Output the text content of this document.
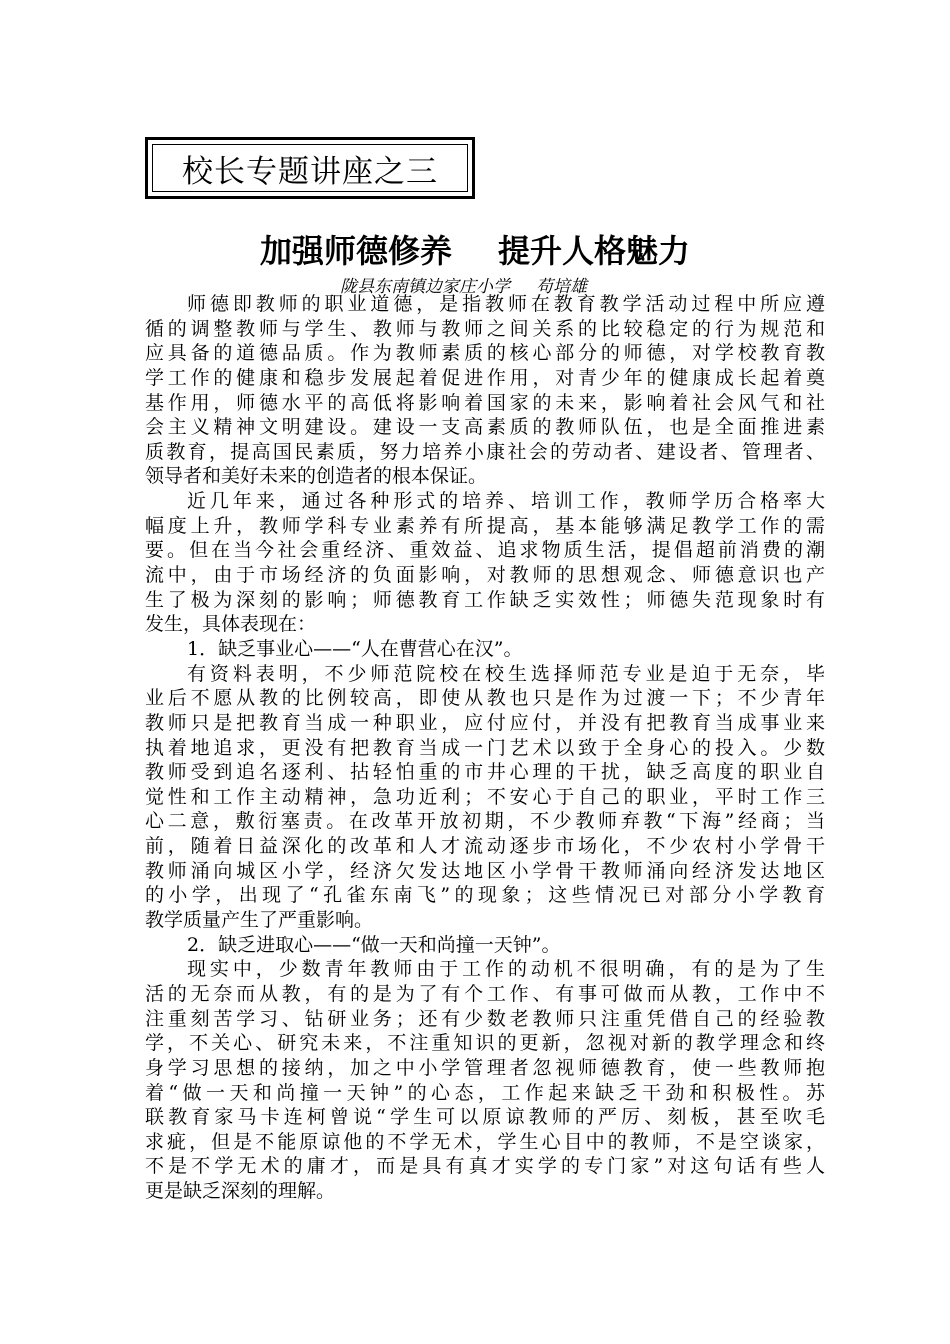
校长专题讲座之三
加强师德修养 提升人格魅力
陇县东南镇边家庄小学 苟培雄
师德即教师的职业道德，是指教师在教育教学活动过程中所应遵
循的调整教师与学生、教师与教师之间关系的比较稳定的行为规范和
应具备的道德品质。作为教师素质的核心部分的师德，对学校教育教
学工作的健康和稳步发展起着促进作用，对青少年的健康成长起着奠
基作用，师德水平的高低将影响着国家的未来，影响着社会风气和社
会主义精神文明建设。建设一支高素质的教师队伍，也是全面推进素
质教育，提高国民素质，努力培养小康社会的劳动者、建设者、管理者、
领导者和美好未来的创造者的根本保证。
近几年来，通过各种形式的培养、培训工作，教师学历合格率大
幅度上升，教师学科专业素养有所提高，基本能够满足教学工作的需
要。但在当今社会重经济、重效益、追求物质生活，提倡超前消费的潮
流中，由于市场经济的负面影响，对教师的思想观念、师德意识也产
生了极为深刻的影响；师德教育工作缺乏实效性；师德失范现象时有
发生，具体表现在：
1．缺乏事业心——“人在曹营心在汉”。
有资料表明，不少师范院校在校生选择师范专业是迫于无奈，毕
业后不愿从教的比例较高，即使从教也只是作为过渡一下；不少青年
教师只是把教育当成一种职业，应付应付，并没有把教育当成事业来
执着地追求，更没有把教育当成一门艺术以致于全身心的投入。少数
教师受到追名逐利、拈轻怕重的市井心理的干扰，缺乏高度的职业自
觉性和工作主动精神，急功近利；不安心于自己的职业，平时工作三
心二意，敷衍塞责。在改革开放初期，不少教师弃教“下海”经商；当
前，随着日益深化的改革和人才流动逐步市场化，不少农村小学骨干
教师涌向城区小学，经济欠发达地区小学骨干教师涌向经济发达地区
的小学，出现了“孔雀东南飞”的现象；这些情况已对部分小学教育
教学质量产生了严重影响。
2．缺乏进取心——“做一天和尚撞一天钟”。
现实中，少数青年教师由于工作的动机不很明确，有的是为了生
活的无奈而从教，有的是为了有个工作、有事可做而从教，工作中不
注重刻苦学习、钻研业务；还有少数老教师只注重凭借自己的经验教
学，不关心、研究未来，不注重知识的更新，忽视对新的教学理念和终
身学习思想的接纳，加之中小学管理者忽视师德教育，使一些教师抱
着“做一天和尚撞一天钟”的心态，工作起来缺乏干劲和积极性。苏
联教育家马卡连柯曾说“学生可以原谅教师的严厉、刻板，甚至吹毛
求疵，但是不能原谅他的不学无术，学生心目中的教师，不是空谈家，
不是不学无术的庸才，而是具有真才实学的专门家”对这句话有些人
更是缺乏深刻的理解。
